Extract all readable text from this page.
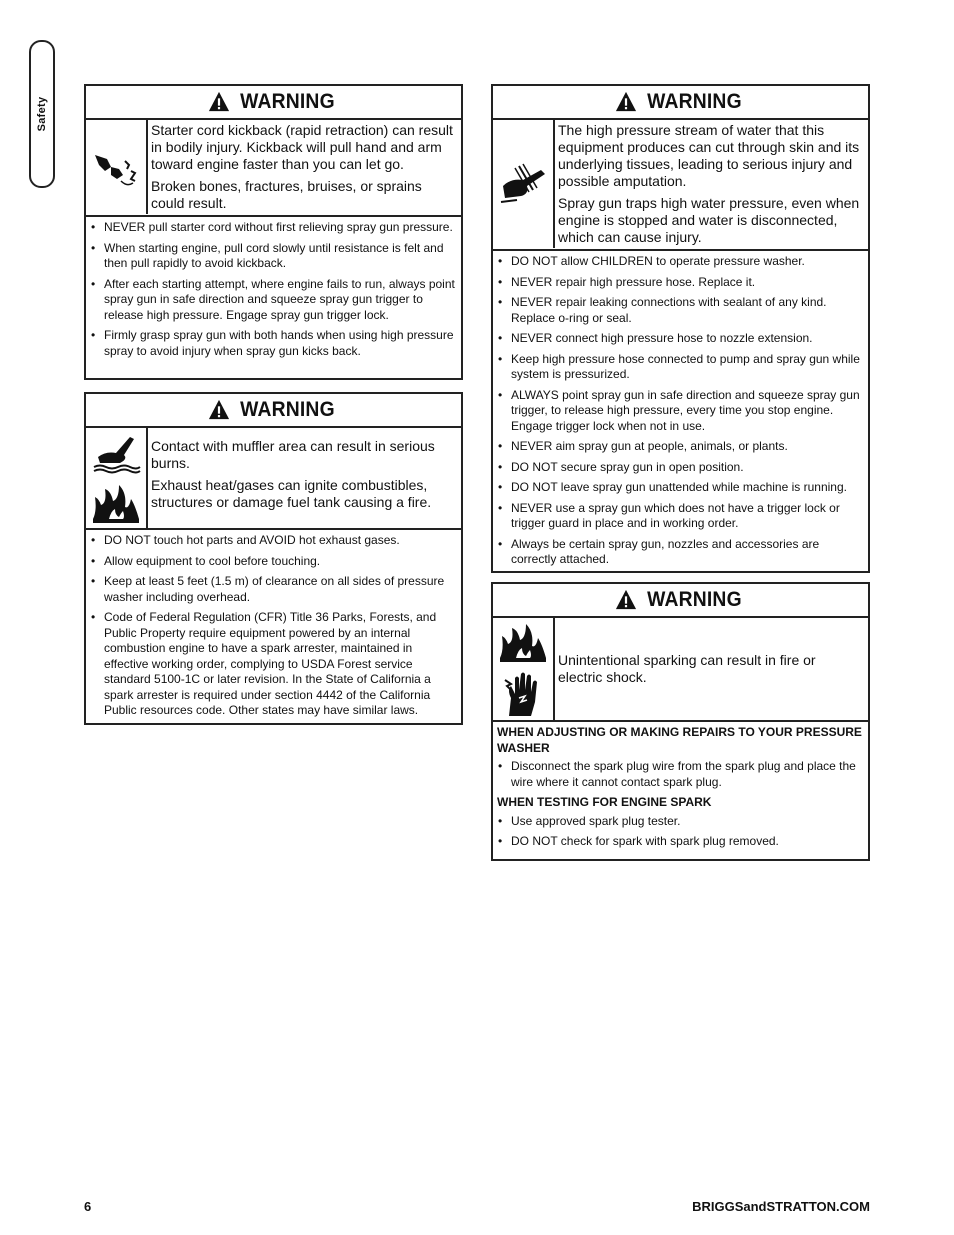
Safety	WARNING

Starter cord kickback (rapid retraction) can result in bodily injury. Kickback will pull hand and arm toward engine faster than you can let go.

Broken bones, fractures, bruises, or sprains could result.

• NEVER pull starter cord without first relieving spray gun pressure.
• When starting engine, pull cord slowly until resistance is felt and then pull rapidly to avoid kickback.
• After each starting attempt, where engine fails to run, always point spray gun in safe direction and squeeze spray gun trigger to release high pressure. Engage spray gun trigger lock.
• Firmly grasp spray gun with both hands when using high pressure spray to avoid injury when spray gun kicks back.
WARNING

Contact with muffler area can result in serious burns.

Exhaust heat/gases can ignite combustibles, structures or damage fuel tank causing a fire.

• DO NOT touch hot parts and AVOID hot exhaust gases.
• Allow equipment to cool before touching.
• Keep at least 5 feet (1.5 m) of clearance on all sides of pressure washer including overhead.
• Code of Federal Regulation (CFR) Title 36 Parks, Forests, and Public Property require equipment powered by an internal combustion engine to have a spark arrester, maintained in effective working order, complying to USDA Forest service standard 5100-1C or later revision. In the State of California a spark arrester is required under section 4442 of the California Public resources code. Other states may have similar laws.
WARNING

The high pressure stream of water that this equipment produces can cut through skin and its underlying tissues, leading to serious injury and possible amputation.

Spray gun traps high water pressure, even when engine is stopped and water is disconnected, which can cause injury.

• DO NOT allow CHILDREN to operate pressure washer.
• NEVER repair high pressure hose. Replace it.
• NEVER repair leaking connections with sealant of any kind. Replace o-ring or seal.
• NEVER connect high pressure hose to nozzle extension.
• Keep high pressure hose connected to pump and spray gun while system is pressurized.
• ALWAYS point spray gun in safe direction and squeeze spray gun trigger, to release high pressure, every time you stop engine. Engage trigger lock when not in use.
• NEVER aim spray gun at people, animals, or plants.
• DO NOT secure spray gun in open position.
• DO NOT leave spray gun unattended while machine is running.
• NEVER use a spray gun which does not have a trigger lock or trigger guard in place and in working order.
• Always be certain spray gun, nozzles and accessories are correctly attached.
WARNING

Unintentional sparking can result in fire or electric shock.

WHEN ADJUSTING OR MAKING REPAIRS TO YOUR PRESSURE WASHER
• Disconnect the spark plug wire from the spark plug and place the wire where it cannot contact spark plug.
WHEN TESTING FOR ENGINE SPARK
• Use approved spark plug tester.
• DO NOT check for spark with spark plug removed.
6	BRIGGSandSTRATTON.COM
